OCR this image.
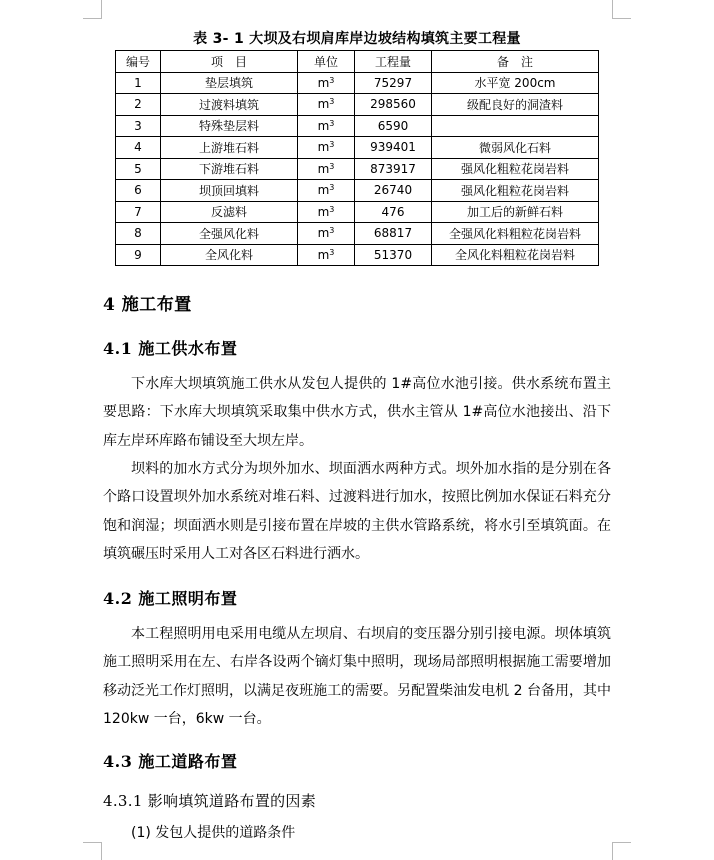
表 3- 1 大坝及右坝肩库岸边坡结构填筑主要工程量
编号	项　目	单位	工程量	备　注
1	垫层填筑	$m^3$	75297	水平宽 200cm
2	过渡料填筑	$m^3$	298560	级配良好的洞渣料
3	特殊垫层料	$m^3$	6590	
4	上游堆石料	$m^3$	939401	微弱风化石料
5	下游堆石料	$m^3$	873917	强风化粗粒花岗岩料
6	坝顶回填料	$m^3$	26740	强风化粗粒花岗岩料
7	反滤料	$m^3$	476	加工后的新鲜石料
8	全强风化料	$m^3$	68817	全强风化料粗粒花岗岩料
9	全风化料	$m^3$	51370	全风化料粗粒花岗岩料
4 施工布置
4.1 施工供水布置
下水库大坝填筑施工供水从发包人提供的 1#高位水池引接。供水系统布置主要思路：下水库大坝填筑采取集中供水方式，供水主管从 1#高位水池接出、沿下库左岸环库路布铺设至大坝左岸。
坝料的加水方式分为坝外加水、坝面洒水两种方式。坝外加水指的是分别在各个路口设置坝外加水系统对堆石料、过渡料进行加水，按照比例加水保证石料充分饱和润湿；坝面洒水则是引接布置在岸坡的主供水管路系统，将水引至填筑面。在填筑碾压时采用人工对各区石料进行洒水。
4.2 施工照明布置
本工程照明用电采用电缆从左坝肩、右坝肩的变压器分别引接电源。坝体填筑施工照明采用在左、右岸各设两个镝灯集中照明，现场局部照明根据施工需要增加移动泛光工作灯照明，以满足夜班施工的需要。另配置柴油发电机 2 台备用，其中 120kw 一台，6kw 一台。
4.3 施工道路布置
4.3.1 影响填筑道路布置的因素
(1) 发包人提供的道路条件
